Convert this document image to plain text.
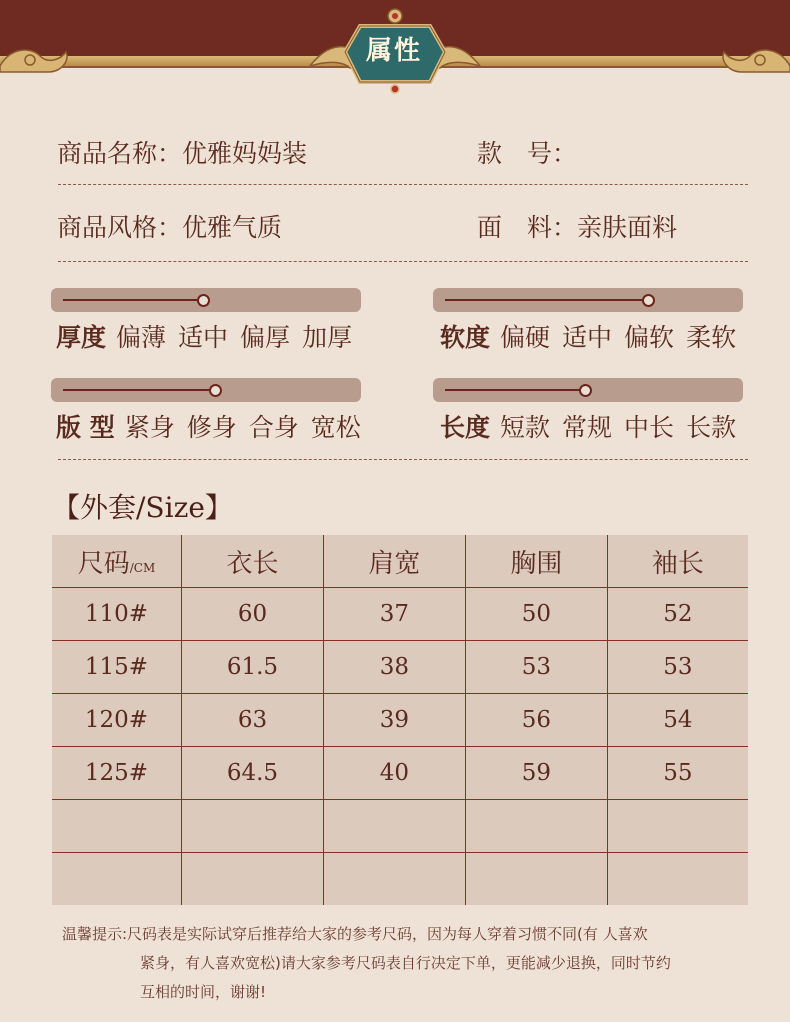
属性
商品名称：优雅妈妈装	款　号：
商品风格：优雅气质	面　料：亲肤面料
厚度 偏薄 适中 偏厚 加厚	软度 偏硬 适中 偏软 柔软
版 型 紧身 修身 合身 宽松	长度 短款 常规 中长 长款
【外套/Size】
尺码/CM	衣长	肩宽	胸围	袖长
110#	60	37	50	52
115#	61.5	38	53	53
120#	63	39	56	54
125#	64.5	40	59	55

温馨提示:尺码表是实际试穿后推荐给大家的参考尺码，因为每人穿着习惯不同(有 人喜欢
紧身，有人喜欢宽松)请大家参考尺码表自行决定下单，更能减少退换，同时节约
互相的时间，谢谢!
